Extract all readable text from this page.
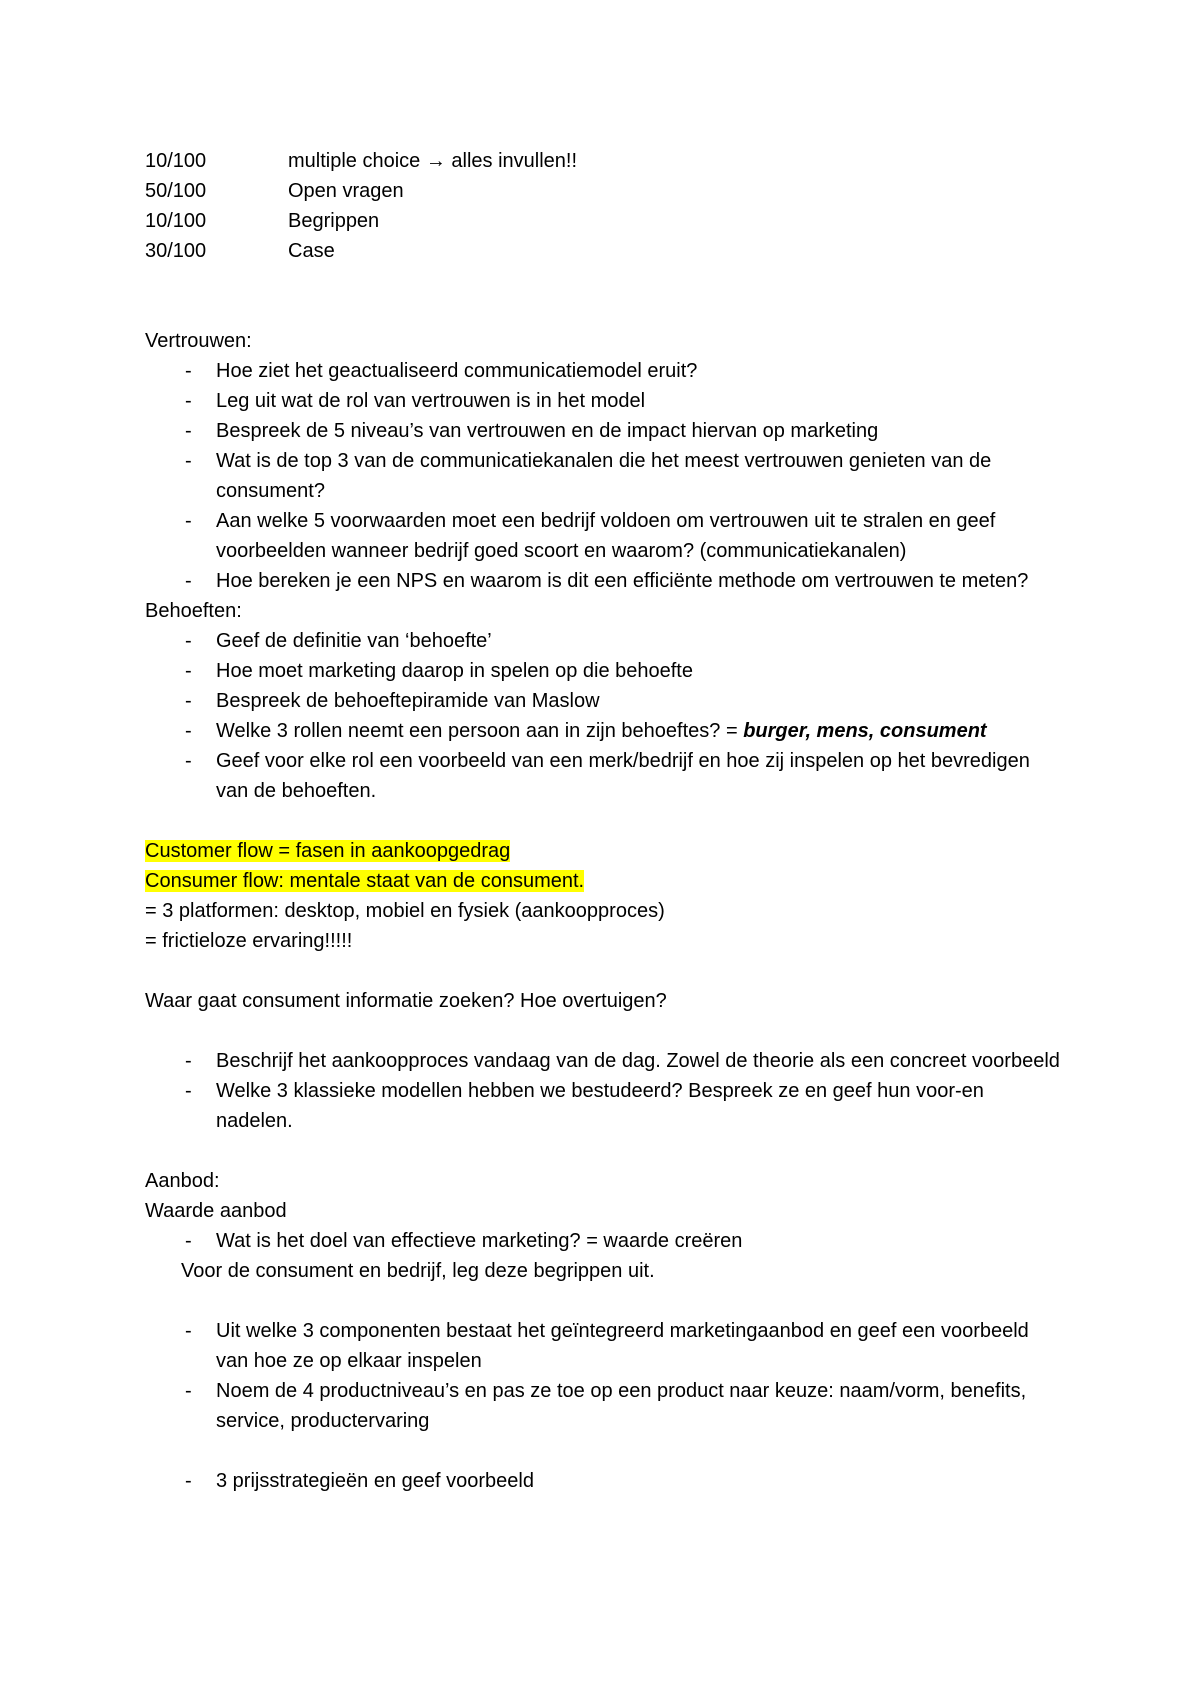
10/100	multiple choice → alles invullen!!
50/100	Open vragen
10/100	Begrippen
30/100	Case
Vertrouwen:
-	Hoe ziet het geactualiseerd communicatiemodel eruit?
-	Leg uit wat de rol van vertrouwen is in het model
-	Bespreek de 5 niveau’s van vertrouwen en de impact hiervan op marketing
-	Wat is de top 3 van de communicatiekanalen die het meest vertrouwen genieten van de consument?
-	Aan welke 5 voorwaarden moet een bedrijf voldoen om vertrouwen uit te stralen en geef voorbeelden wanneer bedrijf goed scoort en waarom? (communicatiekanalen)
-	Hoe bereken je een NPS en waarom is dit een efficiënte methode om vertrouwen te meten?
Behoeften:
-	Geef de definitie van ‘behoefte’
-	Hoe moet marketing daarop in spelen op die behoefte
-	Bespreek de behoeftepiramide van Maslow
-	Welke 3 rollen neemt een persoon aan in zijn behoeftes? = burger, mens, consument
-	Geef voor elke rol een voorbeeld van een merk/bedrijf en hoe zij inspelen op het bevredigen van de behoeften.
Customer flow = fasen in aankoopgedrag
Consumer flow: mentale staat van de consument.
= 3 platformen: desktop, mobiel en fysiek (aankoopproces)
= frictieloze ervaring!!!!!
Waar gaat consument informatie zoeken? Hoe overtuigen?
-	Beschrijf het aankoopproces vandaag van de dag. Zowel de theorie als een concreet voorbeeld
-	Welke 3 klassieke modellen hebben we bestudeerd? Bespreek ze en geef hun voor-en nadelen.
Aanbod:
Waarde aanbod
-	Wat is het doel van effectieve marketing? = waarde creëren
Voor de consument en bedrijf, leg deze begrippen uit.
-	Uit welke 3 componenten bestaat het geïntegreerd marketingaanbod en geef een voorbeeld van hoe ze op elkaar inspelen
-	Noem de 4 productniveau’s en pas ze toe op een product naar keuze: naam/vorm, benefits, service, productervaring
-	3 prijsstrategieën en geef voorbeeld
